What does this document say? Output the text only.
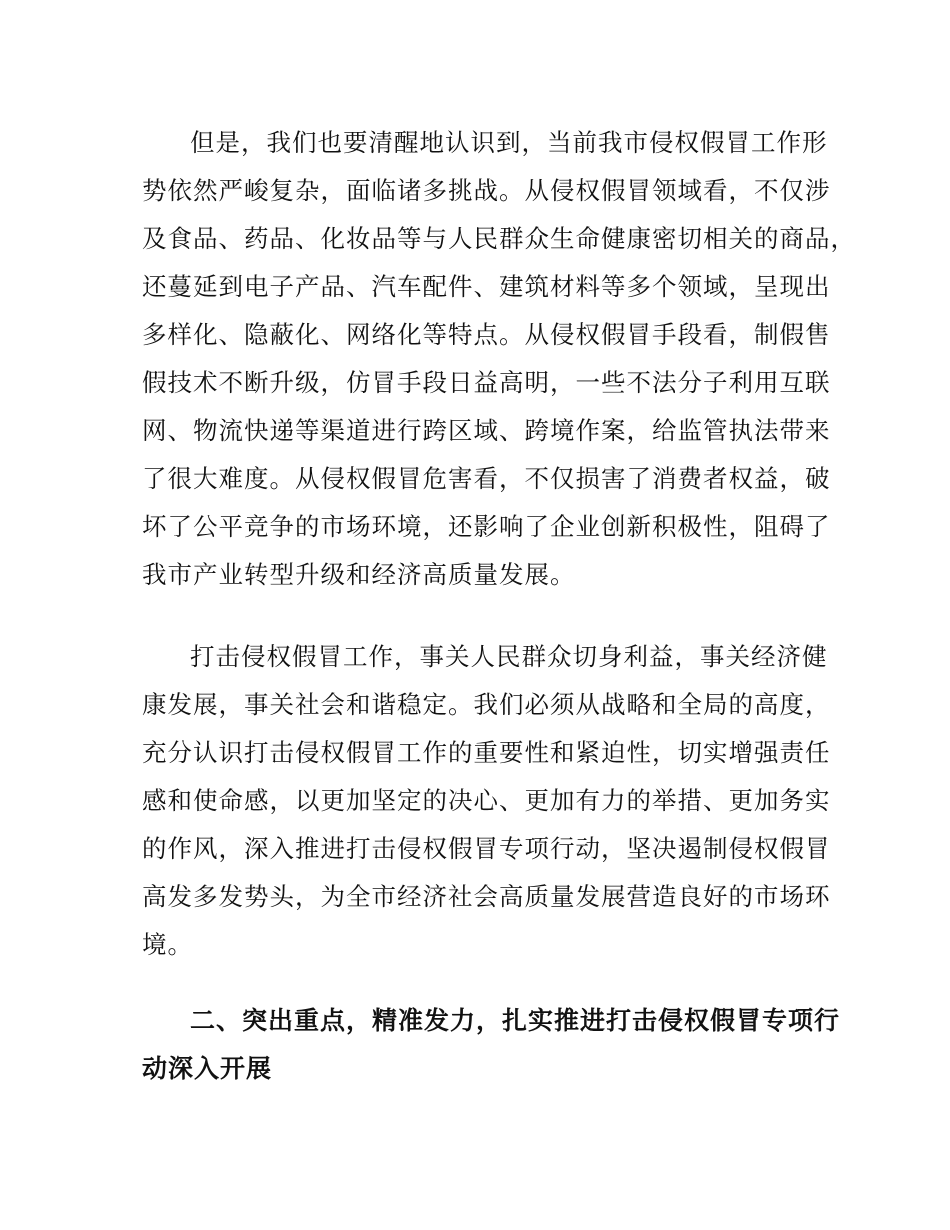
但是，我们也要清醒地认识到，当前我市侵权假冒工作形
势依然严峻复杂，面临诸多挑战。从侵权假冒领域看，不仅涉
及食品、药品、化妆品等与人民群众生命健康密切相关的商品，
还蔓延到电子产品、汽车配件、建筑材料等多个领域，呈现出
多样化、隐蔽化、网络化等特点。从侵权假冒手段看，制假售
假技术不断升级，仿冒手段日益高明，一些不法分子利用互联
网、物流快递等渠道进行跨区域、跨境作案，给监管执法带来
了很大难度。从侵权假冒危害看，不仅损害了消费者权益，破
坏了公平竞争的市场环境，还影响了企业创新积极性，阻碍了
我市产业转型升级和经济高质量发展。
打击侵权假冒工作，事关人民群众切身利益，事关经济健
康发展，事关社会和谐稳定。我们必须从战略和全局的高度，
充分认识打击侵权假冒工作的重要性和紧迫性，切实增强责任
感和使命感，以更加坚定的决心、更加有力的举措、更加务实
的作风，深入推进打击侵权假冒专项行动，坚决遏制侵权假冒
高发多发势头，为全市经济社会高质量发展营造良好的市场环
境。
二、突出重点，精准发力，扎实推进打击侵权假冒专项行
动深入开展
